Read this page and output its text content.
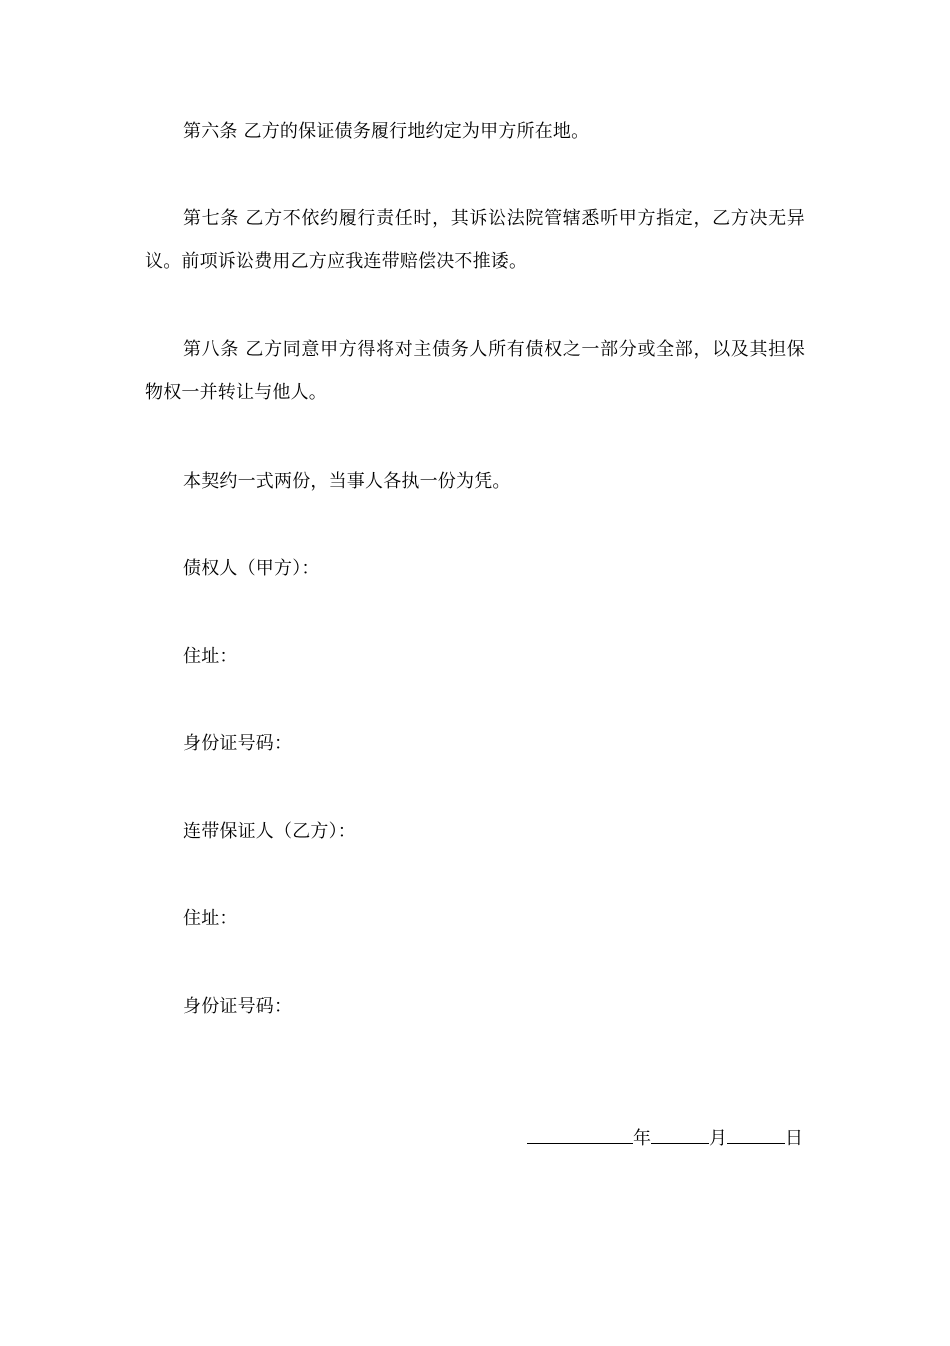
第六条 乙方的保证债务履行地约定为甲方所在地。

第七条 乙方不依约履行责任时，其诉讼法院管辖悉听甲方指定，乙方决无异议。前项诉讼费用乙方应我连带赔偿决不推诿。

第八条 乙方同意甲方得将对主债务人所有债权之一部分或全部，以及其担保物权一并转让与他人。

本契约一式两份，当事人各执一份为凭。

债权人（甲方）：

住址：

身份证号码：

连带保证人（乙方）：

住址：

身份证号码：

年	月	日
